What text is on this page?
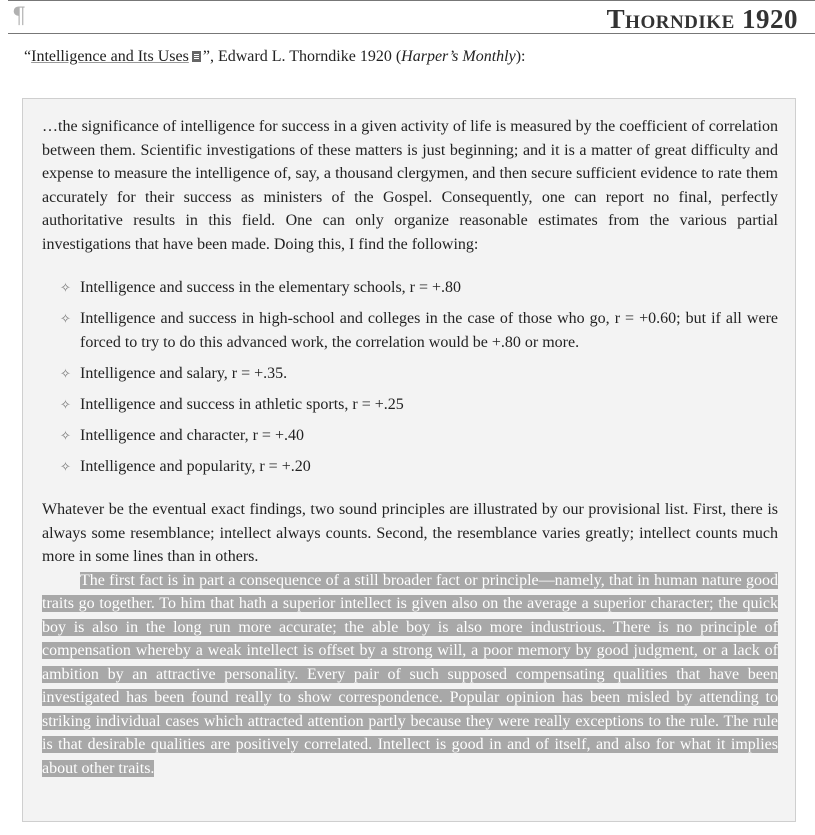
¶	Thorndike 1920
“Intelligence and Its Uses ”, Edward L. Thorndike 1920 (Harper’s Monthly):

…the significance of intelligence for success in a given activity of life is measured by the coefficient of correlation between them. Scientific investigations of these matters is just beginning; and it is a matter of great difficulty and expense to measure the intelligence of, say, a thousand clergymen, and then secure sufficient evidence to rate them accurately for their success as ministers of the Gospel. Consequently, one can report no final, perfectly authoritative results in this field. One can only organize reasonable estimates from the various partial investigations that have been made. Doing this, I find the following:

✧ Intelligence and success in the elementary schools, r = +.80
✧ Intelligence and success in high-school and colleges in the case of those who go, r = +0.60; but if all were forced to try to do this advanced work, the correlation would be +.80 or more.
✧ Intelligence and salary, r = +.35.
✧ Intelligence and success in athletic sports, r = +.25
✧ Intelligence and character, r = +.40
✧ Intelligence and popularity, r = +.20

Whatever be the eventual exact findings, two sound principles are illustrated by our provisional list. First, there is always some resemblance; intellect always counts. Second, the resemblance varies greatly; intellect counts much more in some lines than in others.

The first fact is in part a consequence of a still broader fact or principle—namely, that in human nature good traits go together. To him that hath a superior intellect is given also on the average a superior character; the quick boy is also in the long run more accurate; the able boy is also more industrious. There is no principle of compensation whereby a weak intellect is offset by a strong will, a poor memory by good judgment, or a lack of ambition by an attractive personality. Every pair of such supposed compensating qualities that have been investigated has been found really to show correspondence. Popular opinion has been misled by attending to striking individual cases which attracted attention partly because they were really exceptions to the rule. The rule is that desirable qualities are positively correlated. Intellect is good in and of itself, and also for what it implies about other traits.
